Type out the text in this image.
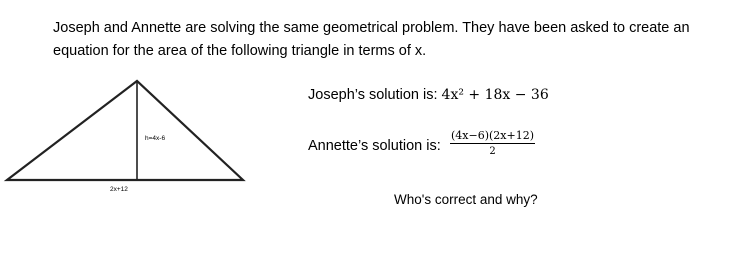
Joseph and Annette are solving the same geometrical problem. They have been asked to create an

equation for the area of the following triangle in terms of x.

h=4x-6
2x+12
Joseph’s solution is: 4x² + 18x − 36
Annette’s solution is: $\frac{(4x-6)(2x+12)}{2}$
Who's correct and why?
